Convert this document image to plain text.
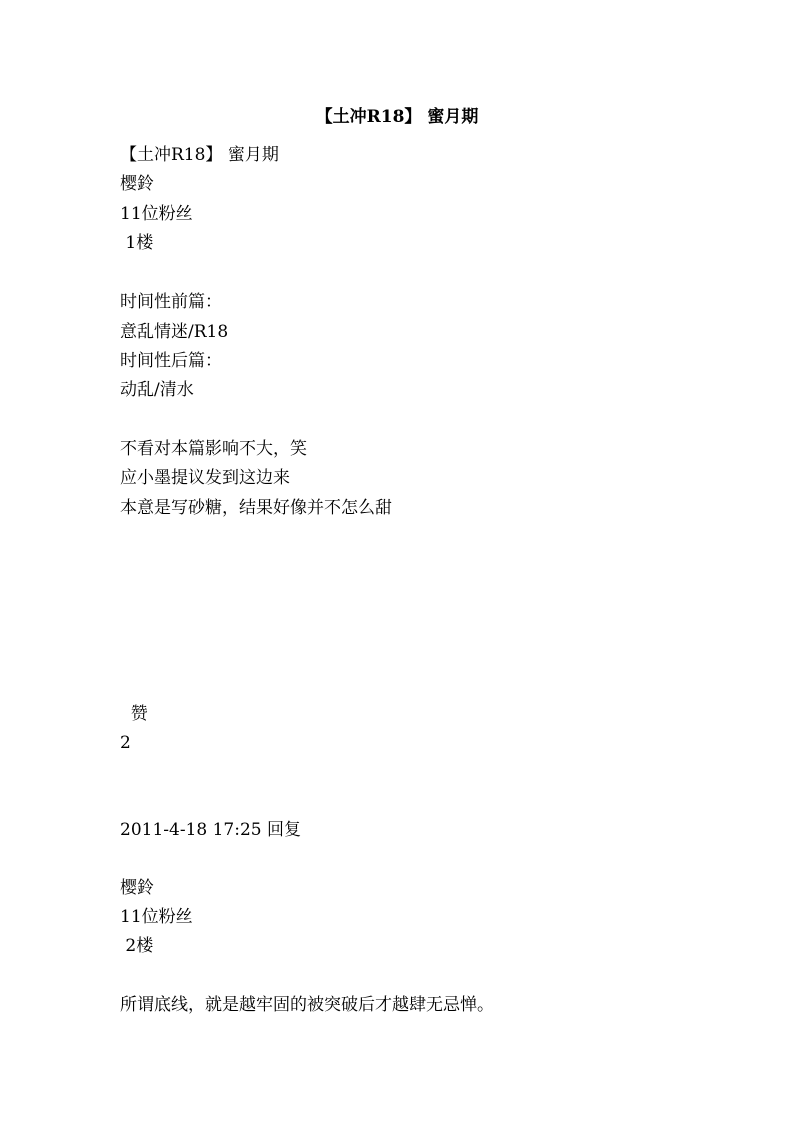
【土冲R18】 蜜月期
【土冲R18】 蜜月期
樱鈴
11位粉丝
1楼
时间性前篇：
意乱情迷/R18
时间性后篇：
动乱/清水
不看对本篇影响不大，笑
应小墨提议发到这边来
本意是写砂糖，结果好像并不怎么甜
赞
2
2011-4-18 17:25 回复
樱鈴
11位粉丝
2楼
所谓底线，就是越牢固的被突破后才越肆无忌惮。
